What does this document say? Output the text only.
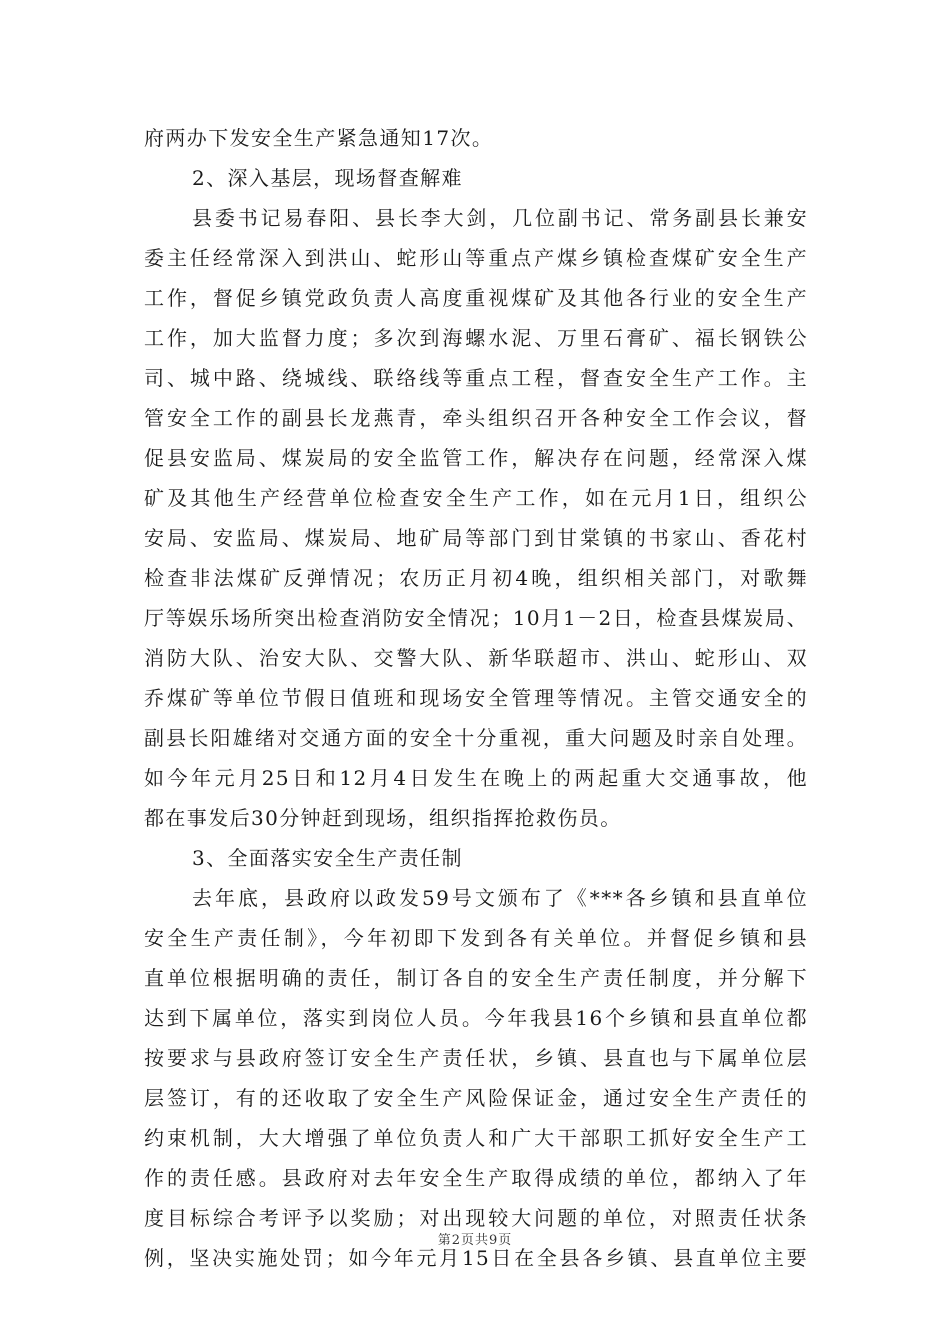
府两办下发安全生产紧急通知17次。
2、深入基层，现场督查解难
县委书记易春阳、县长李大剑，几位副书记、常务副县长兼安
委主任经常深入到洪山、蛇形山等重点产煤乡镇检查煤矿安全生产
工作，督促乡镇党政负责人高度重视煤矿及其他各行业的安全生产
工作，加大监督力度；多次到海螺水泥、万里石膏矿、福长钢铁公
司、城中路、绕城线、联络线等重点工程，督查安全生产工作。主
管安全工作的副县长龙燕青，牵头组织召开各种安全工作会议，督
促县安监局、煤炭局的安全监管工作，解决存在问题，经常深入煤
矿及其他生产经营单位检查安全生产工作，如在元月1日，组织公
安局、安监局、煤炭局、地矿局等部门到甘棠镇的书家山、香花村
检查非法煤矿反弹情况；农历正月初4晚，组织相关部门，对歌舞
厅等娱乐场所突出检查消防安全情况；10月1－2日，检查县煤炭局、
消防大队、治安大队、交警大队、新华联超市、洪山、蛇形山、双
乔煤矿等单位节假日值班和现场安全管理等情况。主管交通安全的
副县长阳雄绪对交通方面的安全十分重视，重大问题及时亲自处理。
如今年元月25日和12月4日发生在晚上的两起重大交通事故，他
都在事发后30分钟赶到现场，组织指挥抢救伤员。
3、全面落实安全生产责任制
去年底，县政府以政发59号文颁布了《***各乡镇和县直单位
安全生产责任制》，今年初即下发到各有关单位。并督促乡镇和县
直单位根据明确的责任，制订各自的安全生产责任制度，并分解下
达到下属单位，落实到岗位人员。今年我县16个乡镇和县直单位都
按要求与县政府签订安全生产责任状，乡镇、县直也与下属单位层
层签订，有的还收取了安全生产风险保证金，通过安全生产责任的
约束机制，大大增强了单位负责人和广大干部职工抓好安全生产工
作的责任感。县政府对去年安全生产取得成绩的单位，都纳入了年
度目标综合考评予以奖励；对出现较大问题的单位，对照责任状条
例，坚决实施处罚；如今年元月15日在全县各乡镇、县直单位主要
第2页共9页
